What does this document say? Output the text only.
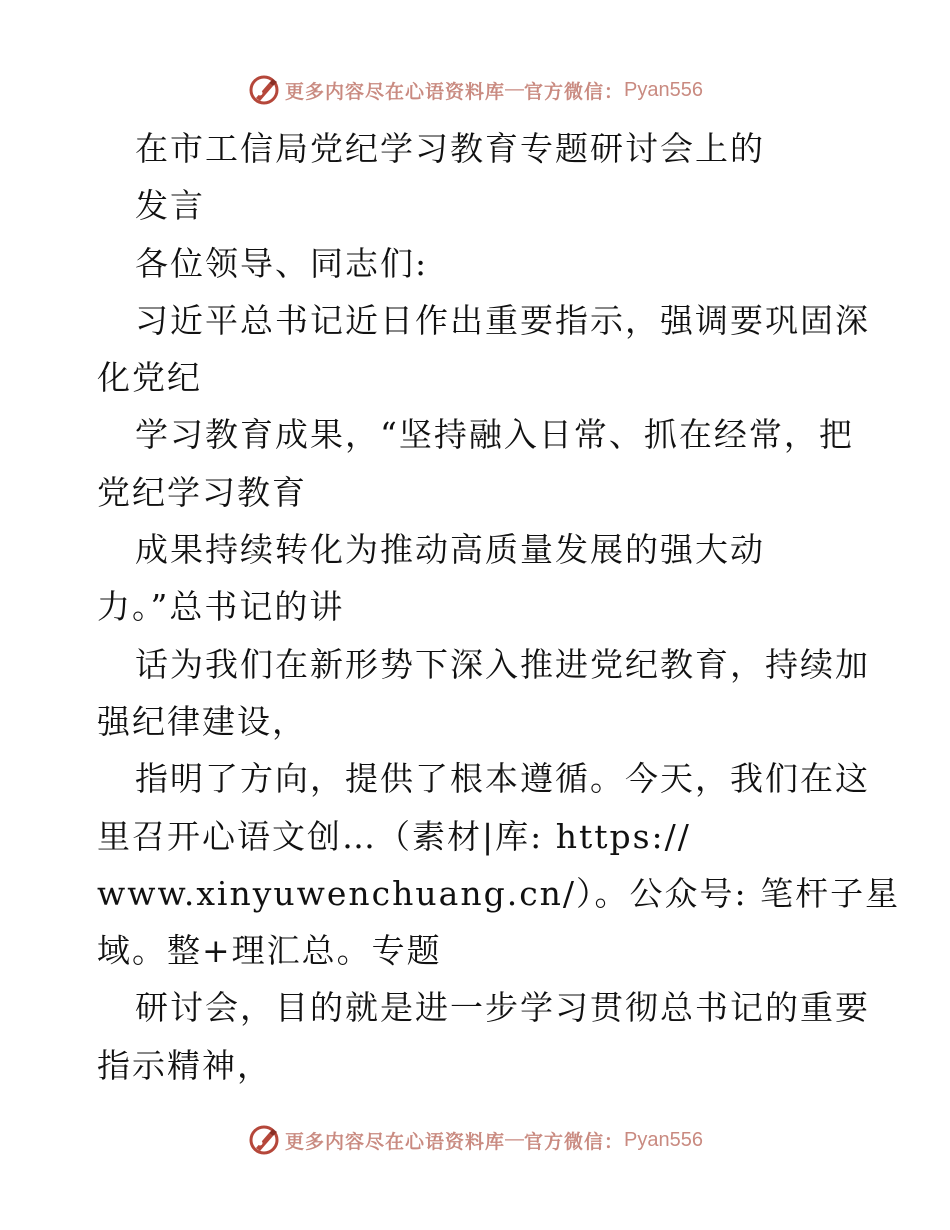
更多内容尽在心语资料库 — 官方微信： Pyan556
在市工信局党纪学习教育专题研讨会上的
发言
各位领导、同志们:
习近平总书记近日作出重要指示，强调要巩固深
化党纪
学习教育成果，“坚持融入日常、抓在经常，把
党纪学习教育
成果持续转化为推动高质量发展的强大动
力。”总书记的讲
话为我们在新形势下深入推进党纪教育，持续加
强纪律建设，
指明了方向，提供了根本遵循。今天，我们在这
里召开心语文创…（素材|库: https://
www.xinyuwenchuang.cn/）。公众号: 笔杆子星
域。整+理汇总。专题
研讨会，目的就是进一步学习贯彻总书记的重要
指示精神，
更多内容尽在心语资料库 — 官方微信： Pyan556
